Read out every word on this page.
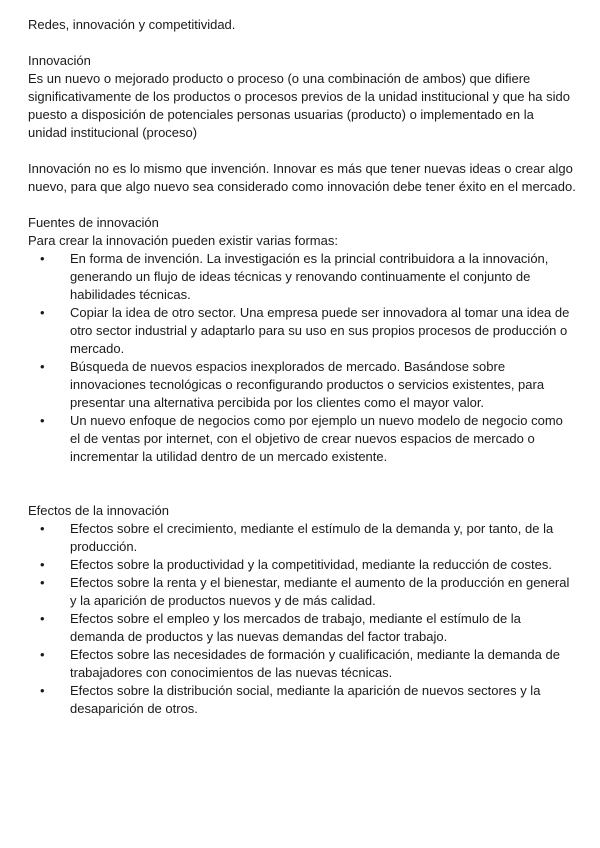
Redes, innovación y competitividad.

Innovación

Es un nuevo o mejorado producto o proceso (o una combinación de ambos) que difiere significativamente de los productos o procesos previos de la unidad institucional y que ha sido puesto a disposición de potenciales personas usuarias (producto) o implementado en la unidad institucional (proceso)

Innovación no es lo mismo que invención. Innovar es más que tener nuevas ideas o crear algo nuevo, para que algo nuevo sea considerado como innovación debe tener éxito en el mercado.

Fuentes de innovación

Para crear la innovación pueden existir varias formas:

• En forma de invención. La investigación es la princial contribuidora a la innovación, generando un flujo de ideas técnicas y renovando continuamente el conjunto de habilidades técnicas.
• Copiar la idea de otro sector. Una empresa puede ser innovadora al tomar una idea de otro sector industrial y adaptarlo para su uso en sus propios procesos de producción o mercado.
• Búsqueda de nuevos espacios inexplorados de mercado. Basándose sobre innovaciones tecnológicas o reconfigurando productos o servicios existentes, para presentar una alternativa percibida por los clientes como el mayor valor.
• Un nuevo enfoque de negocios como por ejemplo un nuevo modelo de negocio como el de ventas por internet, con el objetivo de crear nuevos espacios de mercado o incrementar la utilidad dentro de un mercado existente.

Efectos de la innovación

• Efectos sobre el crecimiento, mediante el estímulo de la demanda y, por tanto, de la producción.
• Efectos sobre la productividad y la competitividad, mediante la reducción de costes.
• Efectos sobre la renta y el bienestar, mediante el aumento de la producción en general y la aparición de productos nuevos y de más calidad.
• Efectos sobre el empleo y los mercados de trabajo, mediante el estímulo de la demanda de productos y las nuevas demandas del factor trabajo.
• Efectos sobre las necesidades de formación y cualificación, mediante la demanda de trabajadores con conocimientos de las nuevas técnicas.
• Efectos sobre la distribución social, mediante la aparición de nuevos sectores y la desaparición de otros.
